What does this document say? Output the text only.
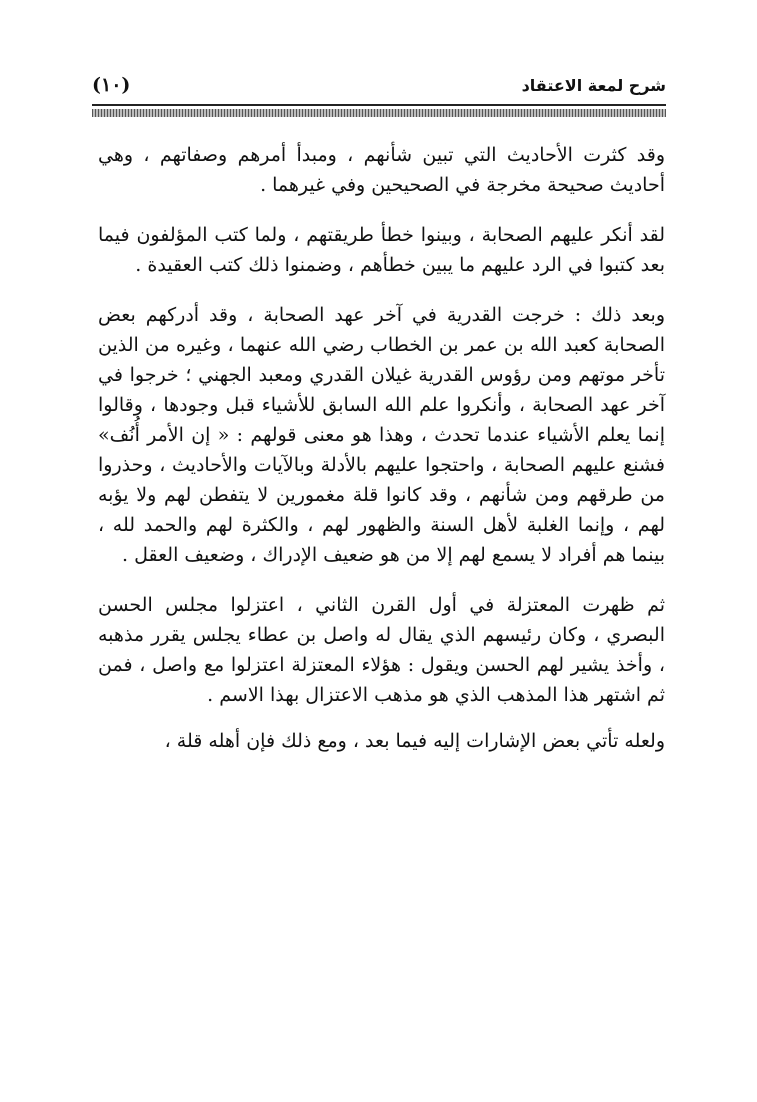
(١٠)	شرح لمعة الاعتقاد

وقد كثرت الأحاديث التي تبين شأنهم ، ومبدأ أمرهم وصفاتهم ، وهي أحاديث صحيحة مخرجة في الصحيحين وفي غيرهما .

لقد أنكر عليهم الصحابة ، وبينوا خطأ طريقتهم ، ولما كتب المؤلفون فيما بعد كتبوا في الرد عليهم ما يبين خطأهم ، وضمنوا ذلك كتب العقيدة .

وبعد ذلك : خرجت القدرية في آخر عهد الصحابة ، وقد أدركهم بعض الصحابة كعبد الله بن عمر بن الخطاب رضي الله عنهما ، وغيره من الذين تأخر موتهم ومن رؤوس القدرية غيلان القدري ومعبد الجهني ؛ خرجوا في آخر عهد الصحابة ، وأنكروا علم الله السابق للأشياء قبل وجودها ، وقالوا إنما يعلم الأشياء عندما تحدث ، وهذا هو معنى قولهم : « إن الأمر أُنُف» فشنع عليهم الصحابة ، واحتجوا عليهم بالأدلة وبالآيات والأحاديث ، وحذروا من طرقهم ومن شأنهم ، وقد كانوا قلة مغمورين لا يتفطن لهم ولا يؤبه لهم ، وإنما الغلبة لأهل السنة والظهور لهم ، والكثرة لهم والحمد لله ، بينما هم أفراد لا يسمع لهم إلا من هو ضعيف الإدراك ، وضعيف العقل .

ثم ظهرت المعتزلة في أول القرن الثاني ، اعتزلوا مجلس الحسن البصري ، وكان رئيسهم الذي يقال له واصل بن عطاء يجلس يقرر مذهبه ، وأخذ يشير لهم الحسن ويقول : هؤلاء المعتزلة اعتزلوا مع واصل ، فمن ثم اشتهر هذا المذهب الذي هو مذهب الاعتزال بهذا الاسم .

ولعله تأتي بعض الإشارات إليه فيما بعد ، ومع ذلك فإن أهله قلة ،
